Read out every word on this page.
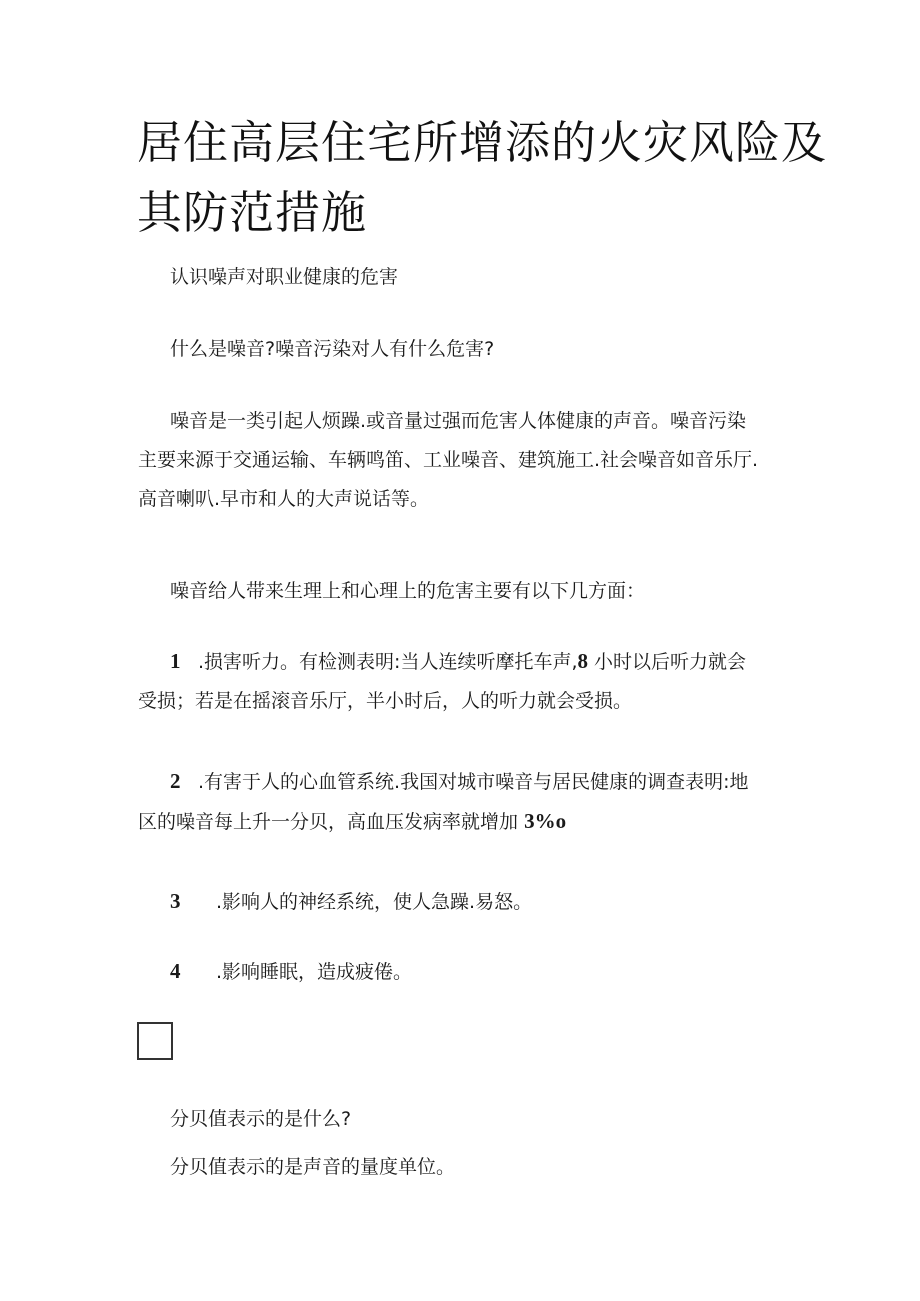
居住高层住宅所增添的火灾风险及
其防范措施

认识噪声对职业健康的危害

什么是噪音?噪音污染对人有什么危害?

噪音是一类引起人烦躁.或音量过强而危害人体健康的声音。噪音污染
主要来源于交通运输、车辆鸣笛、工业噪音、建筑施工.社会噪音如音乐厅.
高音喇叭.早市和人的大声说话等。

噪音给人带来生理上和心理上的危害主要有以下几方面：

1 .损害听力。有检测表明:当人连续听摩托车声,8 小时以后听力就会
受损；若是在摇滚音乐厅，半小时后，人的听力就会受损。

2 .有害于人的心血管系统.我国对城市噪音与居民健康的调查表明:地
区的噪音每上升一分贝，高血压发病率就增加 3%o

3 .影响人的神经系统，使人急躁.易怒。

4 .影响睡眠，造成疲倦。

分贝值表示的是什么?

分贝值表示的是声音的量度单位。
